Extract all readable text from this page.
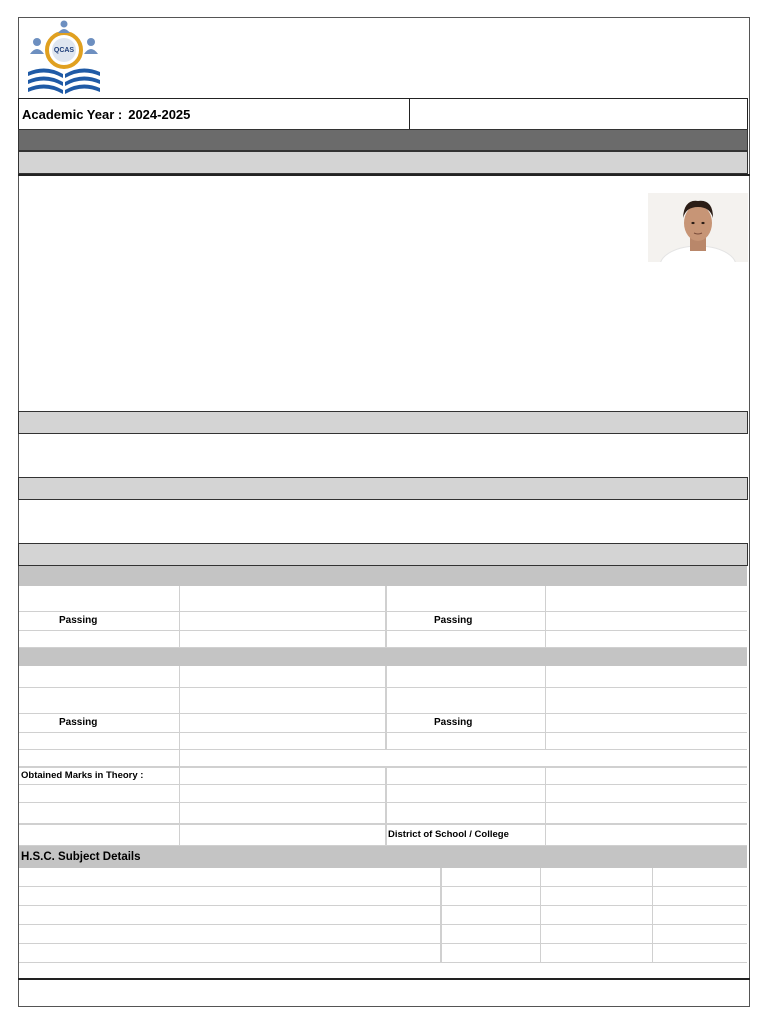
QCAS
Academic Year : 2024-2025
Passing	Passing
Passing	Passing
Obtained Marks in Theory :
District of School / College
H.S.C. Subject Details
